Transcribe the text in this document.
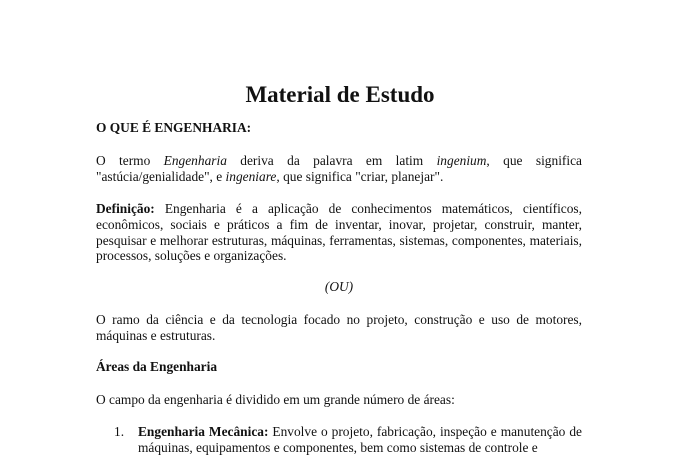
Material de Estudo
O QUE É ENGENHARIA:
O termo Engenharia deriva da palavra em latim ingenium, que significa "astúcia/genialidade", e ingeniare, que significa "criar, planejar".
Definição: Engenharia é a aplicação de conhecimentos matemáticos, científicos, econômicos, sociais e práticos a fim de inventar, inovar, projetar, construir, manter, pesquisar e melhorar estruturas, máquinas, ferramentas, sistemas, componentes, materiais, processos, soluções e organizações.
(OU)
O ramo da ciência e da tecnologia focado no projeto, construção e uso de motores, máquinas e estruturas.
Áreas da Engenharia
O campo da engenharia é dividido em um grande número de áreas:
1. Engenharia Mecânica: Envolve o projeto, fabricação, inspeção e manutenção de máquinas, equipamentos e componentes, bem como sistemas de controle e
